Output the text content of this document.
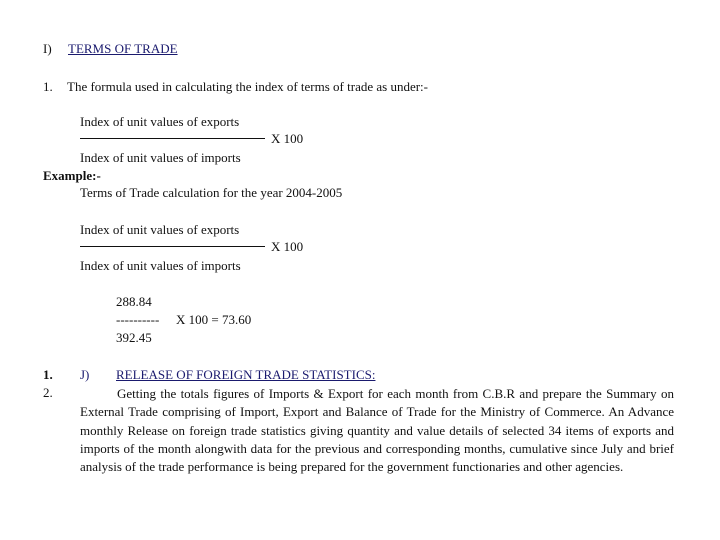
I) TERMS OF TRADE
1. The formula used in calculating the index of terms of trade as under:-
Index of unit values of exports
X 100
Index of unit values of imports
Example:-
Terms of Trade calculation for the year 2004-2005
Index of unit values of exports
X 100
Index of unit values of imports
288.84
---------- X 100 = 73.60
392.45
1.
2.
J) RELEASE OF FOREIGN TRADE STATISTICS:
Getting the totals figures of Imports & Export for each month from C.B.R and prepare the Summary on External Trade comprising of Import, Export and Balance of Trade for the Ministry of Commerce. An Advance monthly Release on foreign trade statistics giving quantity and value details of selected 34 items of exports and imports of the month alongwith data for the previous and corresponding months, cumulative since July and brief analysis of the trade performance is being prepared for the government functionaries and other agencies.
